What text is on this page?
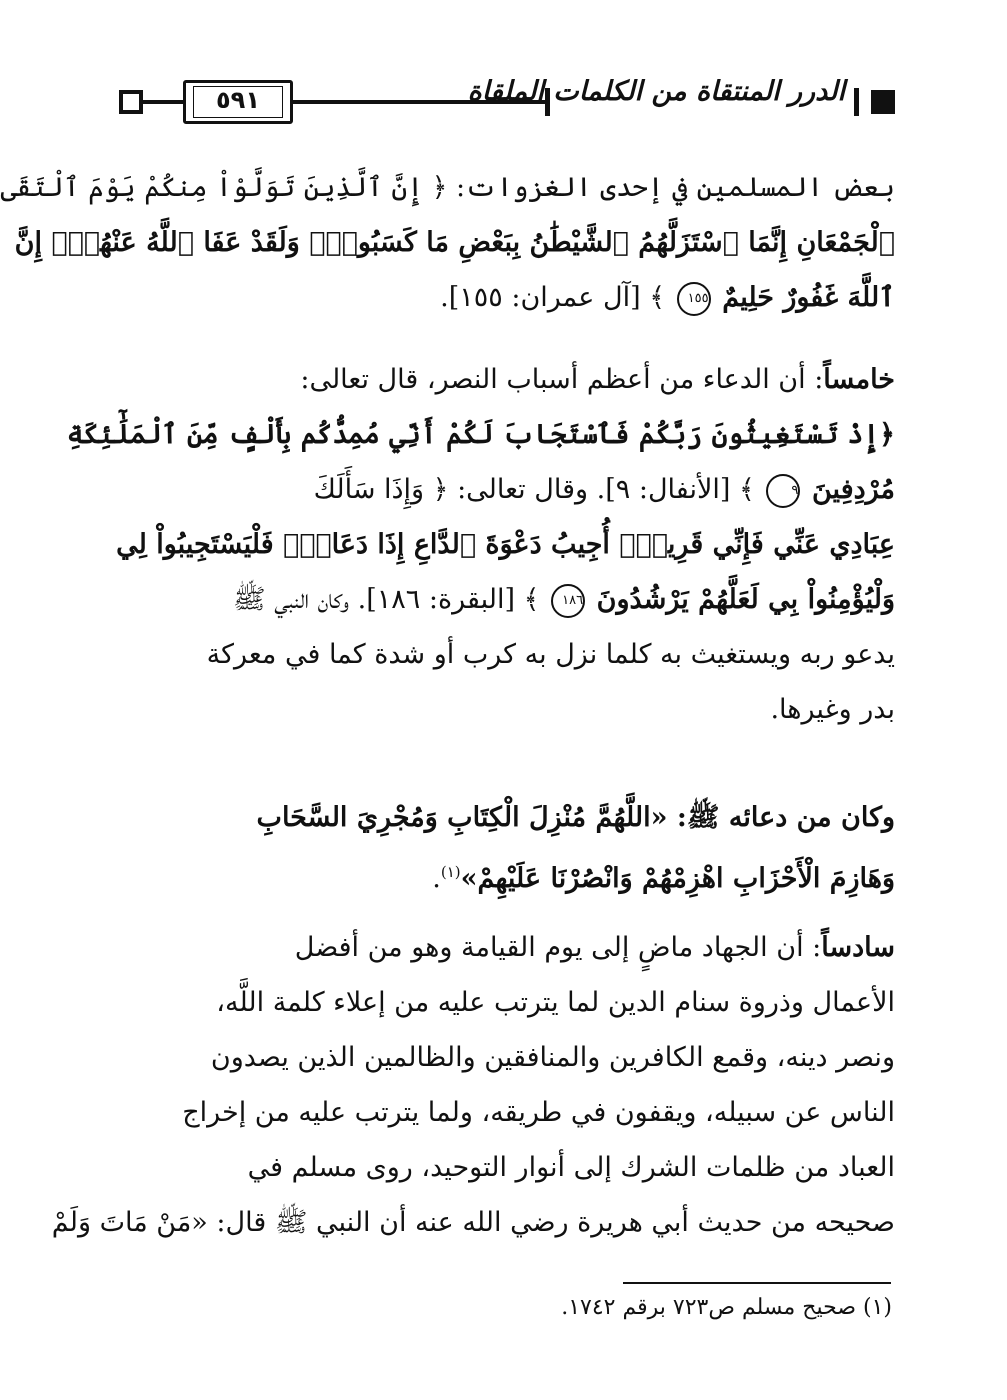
٥٩١	الدرر المنتقاة من الكلمات الملقاة
بعض المسلمين في إحدى الغزوات: ﴿ إِنَّ ٱلَّذِينَ تَوَلَّوْاْ مِنكُمْ يَوْمَ ٱلْتَقَى
ٱلْجَمْعَانِ إِنَّمَا ٱسْتَزَلَّهُمُ ٱلشَّيْطَٰنُ بِبَعْضِ مَا كَسَبُواْۖ وَلَقَدْ عَفَا ٱللَّهُ عَنْهُمْۗ إِنَّ
ٱللَّهَ غَفُورٌ حَلِيمٌ ١٥٥ ﴾ [آل عمران: ١٥٥].
خامساً: أن الدعاء من أعظم أسباب النصر، قال تعالى:
﴿إِذْ تَسْتَغِيثُونَ رَبَّكُمْ فَٱسْتَجَابَ لَكُمْ أَنِّي مُمِدُّكُم بِأَلْفٍ مِّنَ ٱلْمَلَٰٓئِكَةِ
مُرْدِفِينَ ٩ ﴾ [الأنفال: ٩]. وقال تعالى: ﴿ وَإِذَا سَأَلَكَ
عِبَادِي عَنِّي فَإِنِّي قَرِيبٌۖ أُجِيبُ دَعْوَةَ ٱلدَّاعِ إِذَا دَعَانِۖ فَلْيَسْتَجِيبُواْ لِي
وَلْيُؤْمِنُواْ بِي لَعَلَّهُمْ يَرْشُدُونَ ١٨٦ ﴾ [البقرة: ١٨٦]. وكان النبي ﷺ
يدعو ربه ويستغيث به كلما نزل به كرب أو شدة كما في معركة
بدر وغيرها.
وكان من دعائه ﷺ: «اللَّهُمَّ مُنْزِلَ الْكِتَابِ وَمُجْرِيَ السَّحَابِ
وَهَازِمَ الْأَحْزَابِ اهْزِمْهُمْ وَانْصُرْنَا عَلَيْهِمْ»$^{(١)}$.
سادساً: أن الجهاد ماضٍ إلى يوم القيامة وهو من أفضل
الأعمال وذروة سنام الدين لما يترتب عليه من إعلاء كلمة اللَّه،
ونصر دينه، وقمع الكافرين والمنافقين والظالمين الذين يصدون
الناس عن سبيله، ويقفون في طريقه، ولما يترتب عليه من إخراج
العباد من ظلمات الشرك إلى أنوار التوحيد، روى مسلم في
صحيحه من حديث أبي هريرة رضي الله عنه أن النبي ﷺ قال: «مَنْ مَاتَ وَلَمْ
(١) صحيح مسلم ص٧٢٣ برقم ١٧٤٢.
